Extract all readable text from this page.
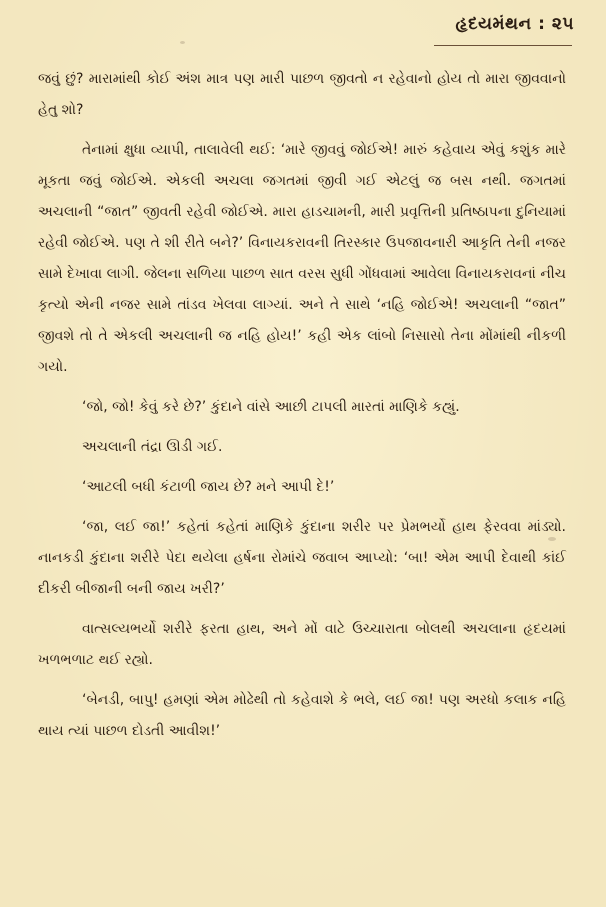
હૃદયમંથન : ૨૫

જવું છું? મારામાંથી કોઈ અંશ માત્ર પણ મારી પાછળ જીવતો ન રહેવાનો હોય તો મારા જીવવાનો હેતુ શો?

તેનામાં ક્ષુધા વ્યાપી, તાલાવેલી થઈ: ‘મારે જીવવું જોઈએ! મારું કહેવાય એવું કશુંક મારે મૂકતા જવું જોઈએ. એકલી અચલા જગતમાં જીવી ગઈ એટલું જ બસ નથી. જગતમાં અચલાની “જાત” જીવતી રહેવી જોઈએ. મારા હાડચામની, મારી પ્રવૃત્તિની પ્રતિષ્ઠાપના દુનિયામાં રહેવી જોઈએ. પણ તે શી રીતે બને?’ વિનાયકરાવની તિરસ્કાર ઉપજાવનારી આકૃતિ તેની નજર સામે દેખાવા લાગી. જેલના સળિયા પાછળ સાત વરસ સુધી ગોંધવામાં આવેલા વિનાયકરાવનાં નીચ કૃત્યો એની નજર સામે તાંડવ ખેલવા લાગ્યાં. અને તે સાથે ‘નહિ જોઈએ! અચલાની “જાત” જીવશે તો તે એકલી અચલાની જ નહિ હોય!’ કહી એક લાંબો નિસાસો તેના મોંમાંથી નીકળી ગયો.

‘જો, જો! કેવું કરે છે?’ કુંદાને વાંસે આછી ટાપલી મારતાં માણિકે કહ્યું.

અચલાની તંદ્રા ઊડી ગઈ.

‘આટલી બધી કંટાળી જાય છે? મને આપી દે!’

‘જા, લઈ જા!’ કહેતાં કહેતાં માણિકે કુંદાના શરીર પર પ્રેમભર્યો હાથ ફેરવવા માંડ્યો. નાનકડી કુંદાના શરીરે પેદા થયેલા હર્ષના રોમાંચે જવાબ આપ્યો: ‘બા! એમ આપી દેવાથી કાંઈ દીકરી બીજાની બની જાય ખરી?’

વાત્સલ્યભર્યો શરીરે ફરતા હાથ, અને મોં વાટે ઉચ્ચારાતા બોલથી અચલાના હૃદયમાં ખળભળાટ થઈ રહ્યો.

‘બેનડી, બાપુ! હમણાં એમ મોઢેથી તો કહેવાશે કે ભલે, લઈ જા! પણ અરધો કલાક નહિ થાય ત્યાં પાછળ દોડતી આવીશ!’
